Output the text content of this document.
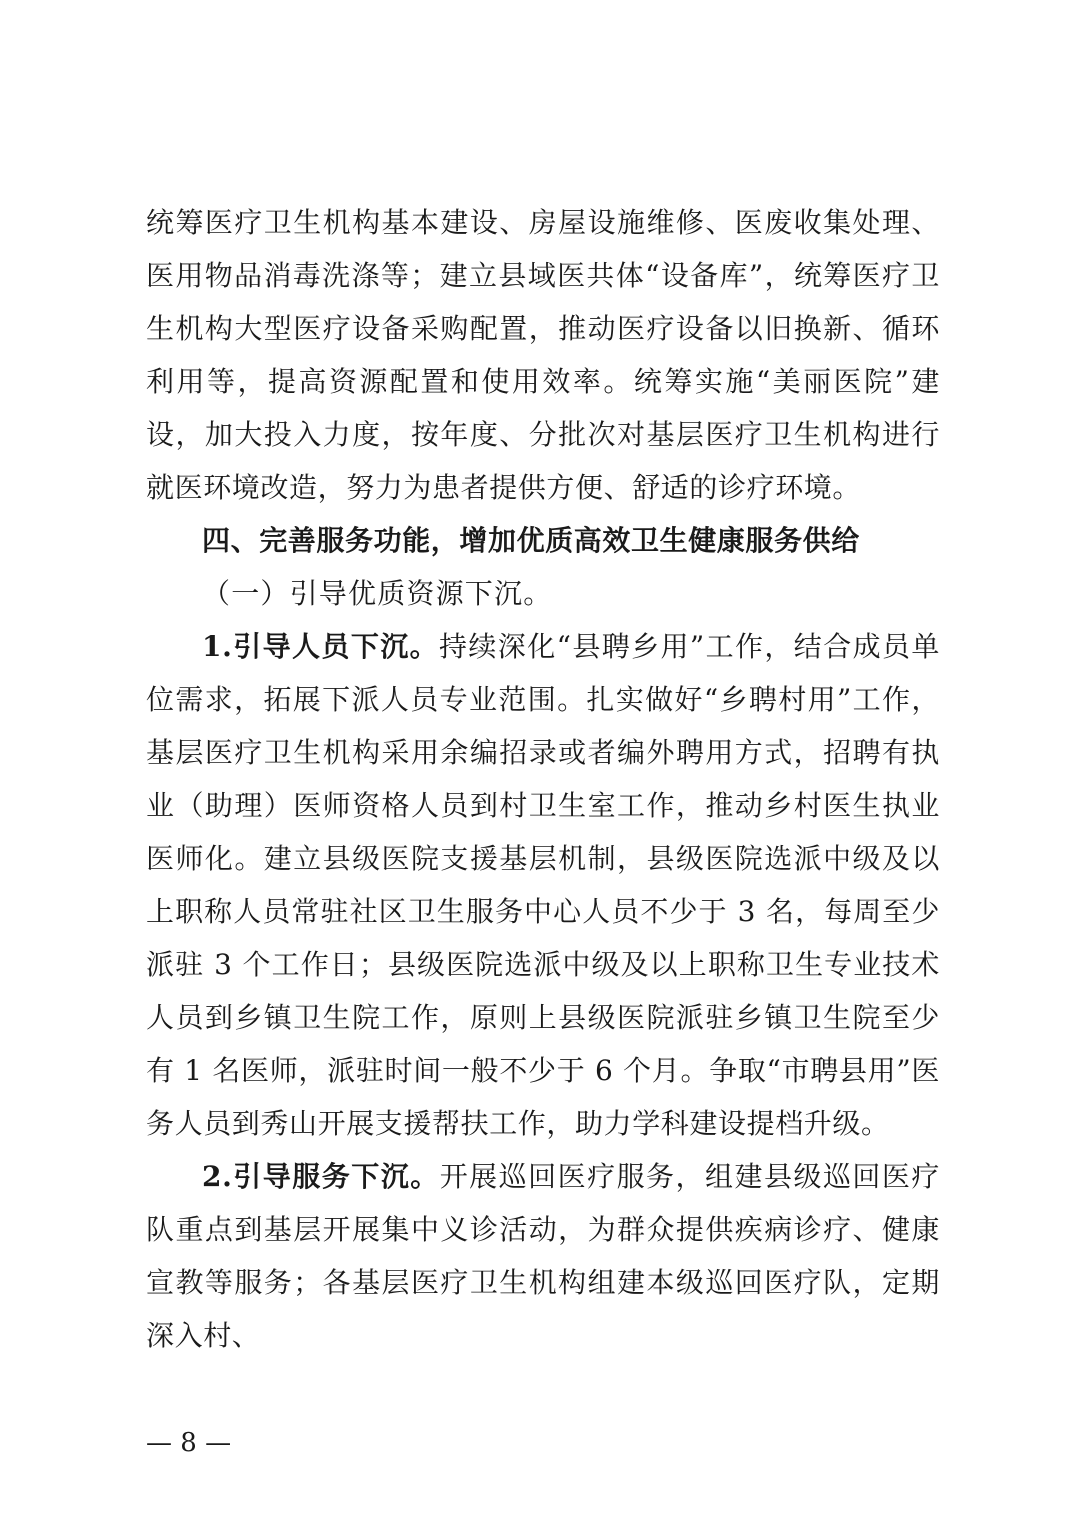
统筹医疗卫生机构基本建设、房屋设施维修、医废收集处理、医用物品消毒洗涤等；建立县域医共体“设备库”，统筹医疗卫生机构大型医疗设备采购配置，推动医疗设备以旧换新、循环利用等，提高资源配置和使用效率。统筹实施“美丽医院”建设，加大投入力度，按年度、分批次对基层医疗卫生机构进行就医环境改造，努力为患者提供方便、舒适的诊疗环境。

四、完善服务功能，增加优质高效卫生健康服务供给

（一）引导优质资源下沉。

1.引导人员下沉。持续深化“县聘乡用”工作，结合成员单位需求，拓展下派人员专业范围。扎实做好“乡聘村用”工作，基层医疗卫生机构采用余编招录或者编外聘用方式，招聘有执业（助理）医师资格人员到村卫生室工作，推动乡村医生执业医师化。建立县级医院支援基层机制，县级医院选派中级及以上职称人员常驻社区卫生服务中心人员不少于 3 名，每周至少派驻 3 个工作日；县级医院选派中级及以上职称卫生专业技术人员到乡镇卫生院工作，原则上县级医院派驻乡镇卫生院至少有 1 名医师，派驻时间一般不少于 6 个月。争取“市聘县用”医务人员到秀山开展支援帮扶工作，助力学科建设提档升级。

2.引导服务下沉。开展巡回医疗服务，组建县级巡回医疗队重点到基层开展集中义诊活动，为群众提供疾病诊疗、健康宣教等服务；各基层医疗卫生机构组建本级巡回医疗队，定期深入村、

— 8 —
